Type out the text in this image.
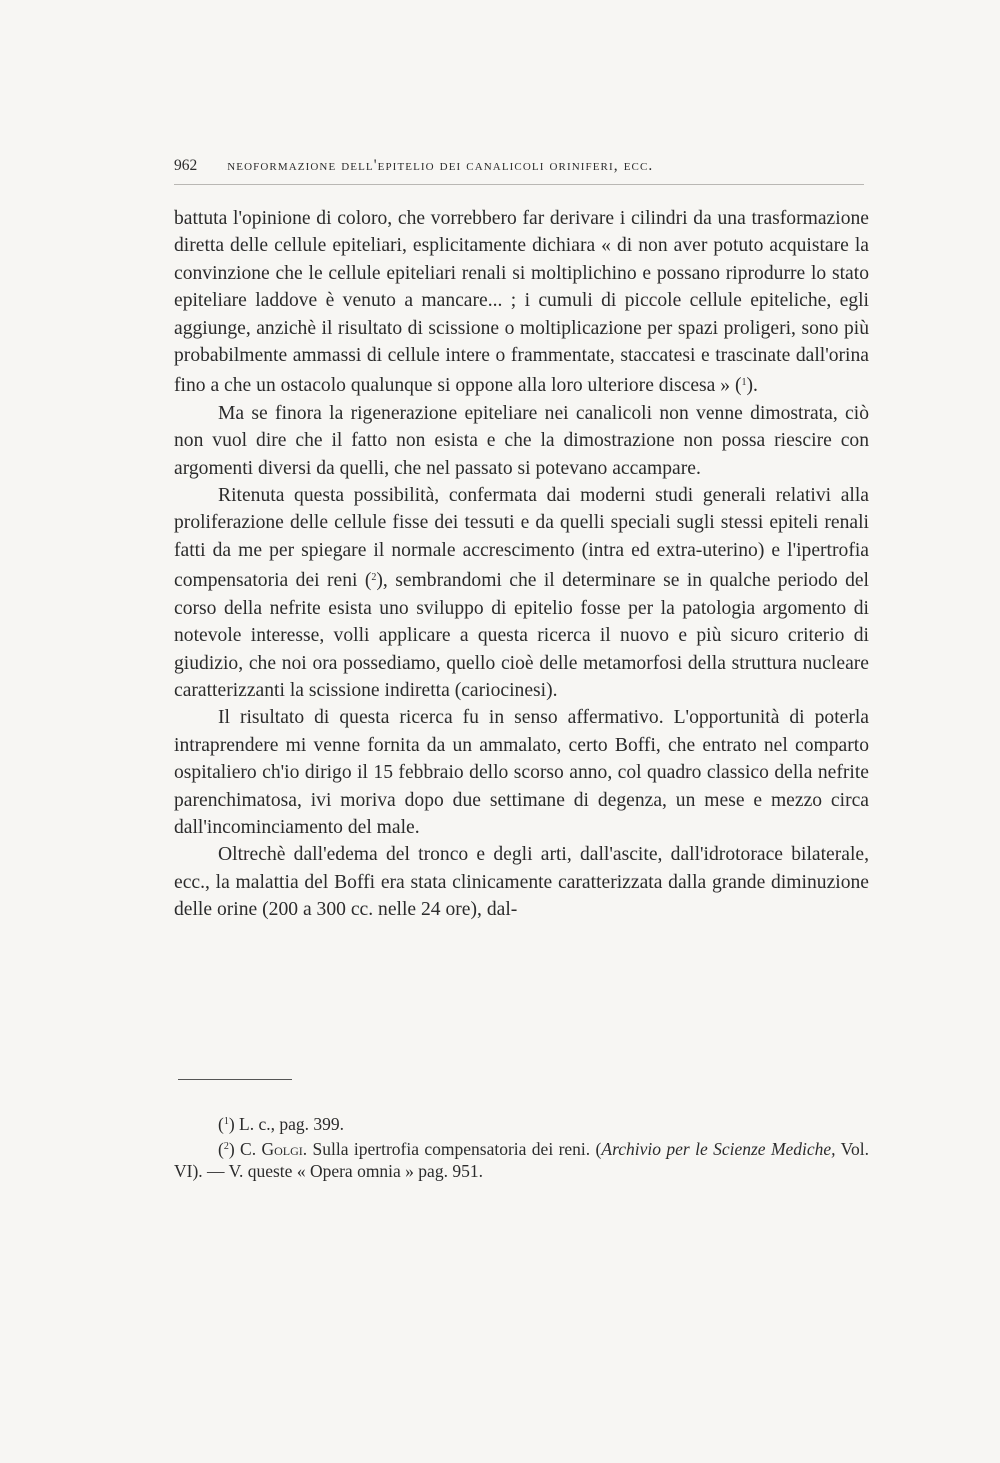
962 neoformazione dell'epitelio dei canalicoli oriniferi, ecc.

battuta l'opinione di coloro, che vorrebbero far derivare i cilindri da una trasformazione diretta delle cellule epiteliari, esplicitamente dichiara « di non aver potuto acquistare la convinzione che le cellule epiteliari renali si moltiplichino e possano riprodurre lo stato epiteliare laddove è venuto a mancare... ; i cumuli di piccole cellule epiteliche, egli aggiunge, anzichè il risultato di scissione o moltiplicazione per spazi proligeri, sono più probabilmente ammassi di cellule intere o frammentate, staccatesi e trascinate dall'orina fino a che un ostacolo qualunque si oppone alla loro ulteriore discesa » ($^1$).

Ma se finora la rigenerazione epiteliare nei canalicoli non venne dimostrata, ciò non vuol dire che il fatto non esista e che la dimostrazione non possa riescire con argomenti diversi da quelli, che nel passato si potevano accampare.

Ritenuta questa possibilità, confermata dai moderni studi generali relativi alla proliferazione delle cellule fisse dei tessuti e da quelli speciali sugli stessi epiteli renali fatti da me per spiegare il normale accrescimento (intra ed extra-uterino) e l'ipertrofia compensatoria dei reni ($^2$), sembrandomi che il determinare se in qualche periodo del corso della nefrite esista uno sviluppo di epitelio fosse per la patologia argomento di notevole interesse, volli applicare a questa ricerca il nuovo e più sicuro criterio di giudizio, che noi ora possediamo, quello cioè delle metamorfosi della struttura nucleare caratterizzanti la scissione indiretta (cariocinesi).

Il risultato di questa ricerca fu in senso affermativo. L'opportunità di poterla intraprendere mi venne fornita da un ammalato, certo Boffi, che entrato nel comparto ospitaliero ch'io dirigo il 15 febbraio dello scorso anno, col quadro classico della nefrite parenchimatosa, ivi moriva dopo due settimane di degenza, un mese e mezzo circa dall'incominciamento del male.

Oltrechè dall'edema del tronco e degli arti, dall'ascite, dall'idrotorace bilaterale, ecc., la malattia del Boffi era stata clinicamente caratterizzata dalla grande diminuzione delle orine (200 a 300 cc. nelle 24 ore), dal-

($^1$) L. c., pag. 399.

($^2$) C. Golgi. Sulla ipertrofia compensatoria dei reni. (Archivio per le Scienze Mediche, Vol. VI). — V. queste « Opera omnia » pag. 951.
